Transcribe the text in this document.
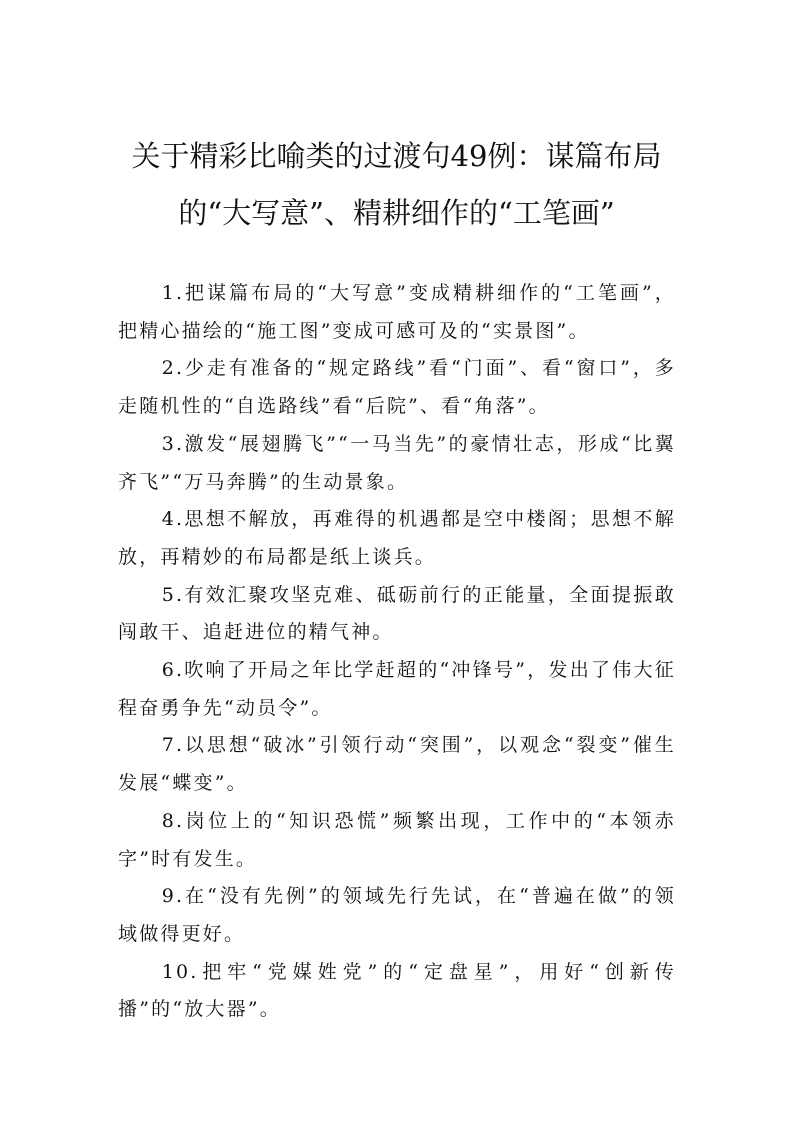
关于精彩比喻类的过渡句49例：谋篇布局
的“大写意”、精耕细作的“工笔画”

1.把谋篇布局的“大写意”变成精耕细作的“工笔画”，把精心描绘的“施工图”变成可感可及的“实景图”。

2.少走有准备的“规定路线”看“门面”、看“窗口”，多走随机性的“自选路线”看“后院”、看“角落”。

3.激发“展翅腾飞”“一马当先”的豪情壮志，形成“比翼齐飞”“万马奔腾”的生动景象。

4.思想不解放，再难得的机遇都是空中楼阁；思想不解放，再精妙的布局都是纸上谈兵。

5.有效汇聚攻坚克难、砥砺前行的正能量，全面提振敢闯敢干、追赶进位的精气神。

6.吹响了开局之年比学赶超的“冲锋号”，发出了伟大征程奋勇争先“动员令”。

7.以思想“破冰”引领行动“突围”，以观念“裂变”催生发展“蝶变”。

8.岗位上的“知识恐慌”频繁出现，工作中的“本领赤字”时有发生。

9.在“没有先例”的领域先行先试，在“普遍在做”的领域做得更好。

10.把牢“党媒姓党”的“定盘星”，用好“创新传播”的“放大器”。
